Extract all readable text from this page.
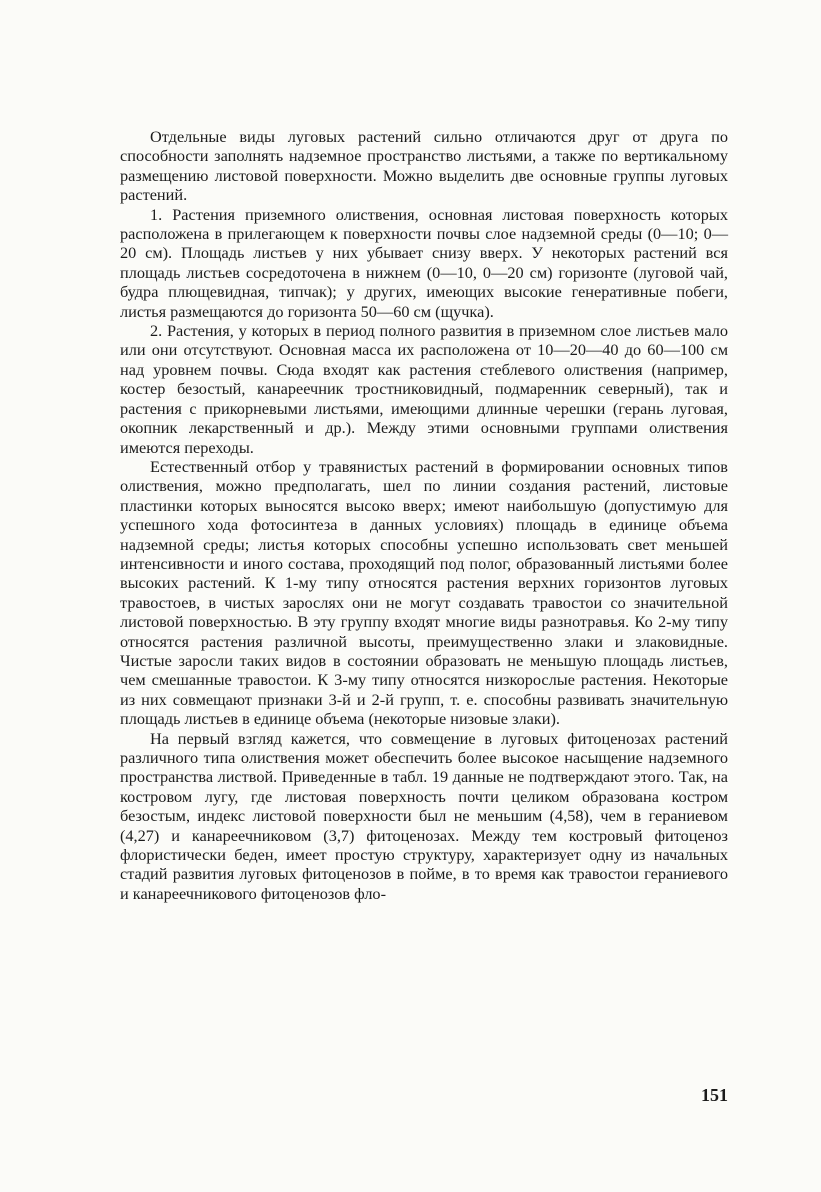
Отдельные виды луговых растений сильно отличаются друг от друга по способности заполнять надземное пространство листьями, а также по вертикальному размещению листовой поверхности. Можно выделить две основные группы луговых растений.

1. Растения приземного олиствения, основная листовая поверхность которых расположена в прилегающем к поверхности почвы слое надземной среды (0—10; 0—20 см). Площадь листьев у них убывает снизу вверх. У некоторых растений вся площадь листьев сосредоточена в нижнем (0—10, 0—20 см) горизонте (луговой чай, будра плющевидная, типчак); у других, имеющих высокие генеративные побеги, листья размещаются до горизонта 50—60 см (щучка).

2. Растения, у которых в период полного развития в приземном слое листьев мало или они отсутствуют. Основная масса их расположена от 10—20—40 до 60—100 см над уровнем почвы. Сюда входят как растения стеблевого олиствения (например, костер безостый, канареечник тростниковидный, подмаренник северный), так и растения с прикорневыми листьями, имеющими длинные черешки (герань луговая, окопник лекарственный и др.). Между этими основными группами олиствения имеются переходы.

Естественный отбор у травянистых растений в формировании основных типов олиствения, можно предполагать, шел по линии создания растений, листовые пластинки которых выносятся высоко вверх; имеют наибольшую (допустимую для успешного хода фотосинтеза в данных условиях) площадь в единице объема надземной среды; листья которых способны успешно использовать свет меньшей интенсивности и иного состава, проходящий под полог, образованный листьями более высоких растений. К 1-му типу относятся растения верхних горизонтов луговых травостоев, в чистых зарослях они не могут создавать травостои со значительной листовой поверхностью. В эту группу входят многие виды разнотравья. Ко 2-му типу относятся растения различной высоты, преимущественно злаки и злаковидные. Чистые заросли таких видов в состоянии образовать не меньшую площадь листьев, чем смешанные травостои. К 3-му типу относятся низкорослые растения. Некоторые из них совмещают признаки 3-й и 2-й групп, т. е. способны развивать значительную площадь листьев в единице объема (некоторые низовые злаки).

На первый взгляд кажется, что совмещение в луговых фитоценозах растений различного типа олиствения может обеспечить более высокое насыщение надземного пространства листвой. Приведенные в табл. 19 данные не подтверждают этого. Так, на костровом лугу, где листовая поверхность почти целиком образована костром безостым, индекс листовой поверхности был не меньшим (4,58), чем в гераниевом (4,27) и канареечниковом (3,7) фитоценозах. Между тем костровый фитоценоз флористически беден, имеет простую структуру, характеризует одну из начальных стадий развития луговых фитоценозов в пойме, в то время как травостои гераниевого и канареечникового фитоценозов фло-

151
